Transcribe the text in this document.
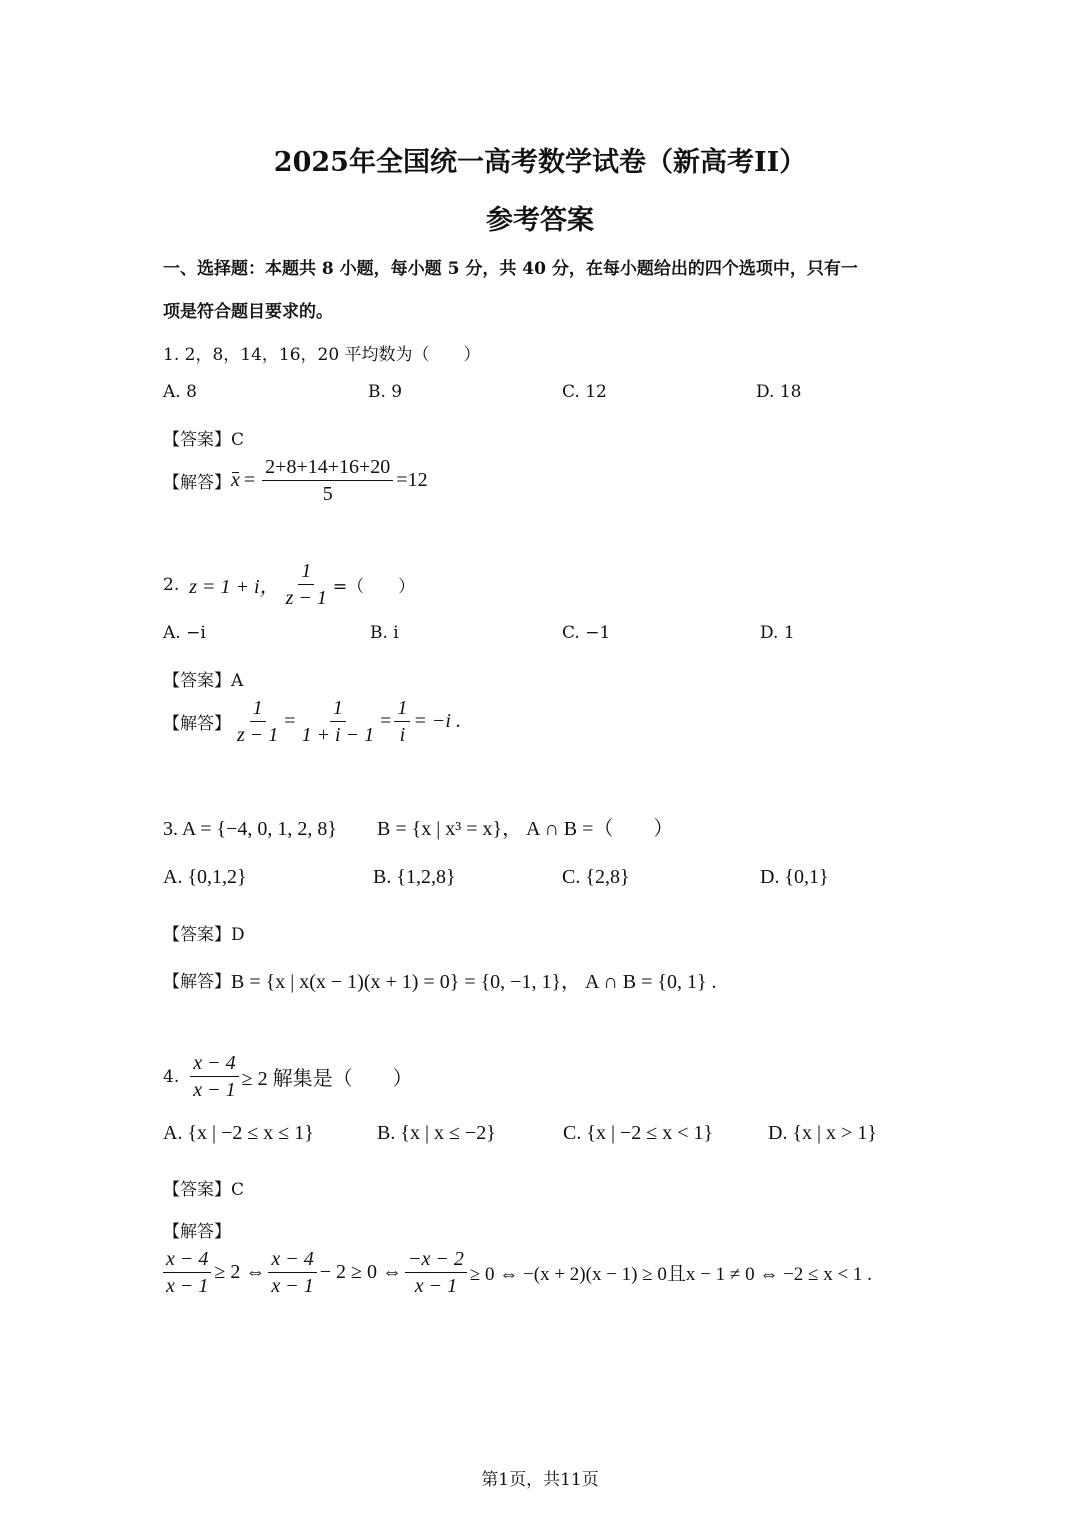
2025年全国统一高考数学试卷（新高考II）
参考答案
一、选择题：本题共 8 小题，每小题 5 分，共 40 分，在每小题给出的四个选项中，只有一
项是符合题目要求的。
1. 2，8，14，16，20 平均数为（　　）
A. 8	B. 9	C. 12	D. 18
【答案】C
【解答】 $x = \frac{2+8+14+16+20}{5} =12$
2. z = 1 + i， $\frac{1}{z - 1}$ =（　　）
A. −i	B. i	C. −1	D. 1
【答案】A
【解答】 $\frac{1}{z - 1} = \frac{1}{1 + i - 1} = \frac{1}{i} = -i$ .
3. A = {−4, 0, 1, 2, 8}　　B = {x | x³ = x}， A ∩ B =（　　）
A. {0,1,2}	B. {1,2,8}	C. {2,8}	D. {0,1}
【答案】D
【解答】 B = {x | x(x − 1)(x + 1) = 0} = {0, −1, 1}， A ∩ B = {0, 1} .
4. $\frac{x - 4}{x - 1} \ge 2$ 解集是（　　）
A. {x | −2 ≤ x ≤ 1}	B. {x | x ≤ −2}	C. {x | −2 ≤ x < 1}	D. {x | x > 1}
【答案】C
【解答】
$\frac{x - 4}{x - 1} \ge 2$ ⇔ $\frac{x - 4}{x - 1} - 2 \ge 0$ ⇔ $\frac{-x - 2}{x - 1} \ge 0$ ⇔ −(x + 2)(x − 1) ≥ 0且x − 1 ≠ 0 ⇔ −2 ≤ x < 1 .
第1页，共11页
